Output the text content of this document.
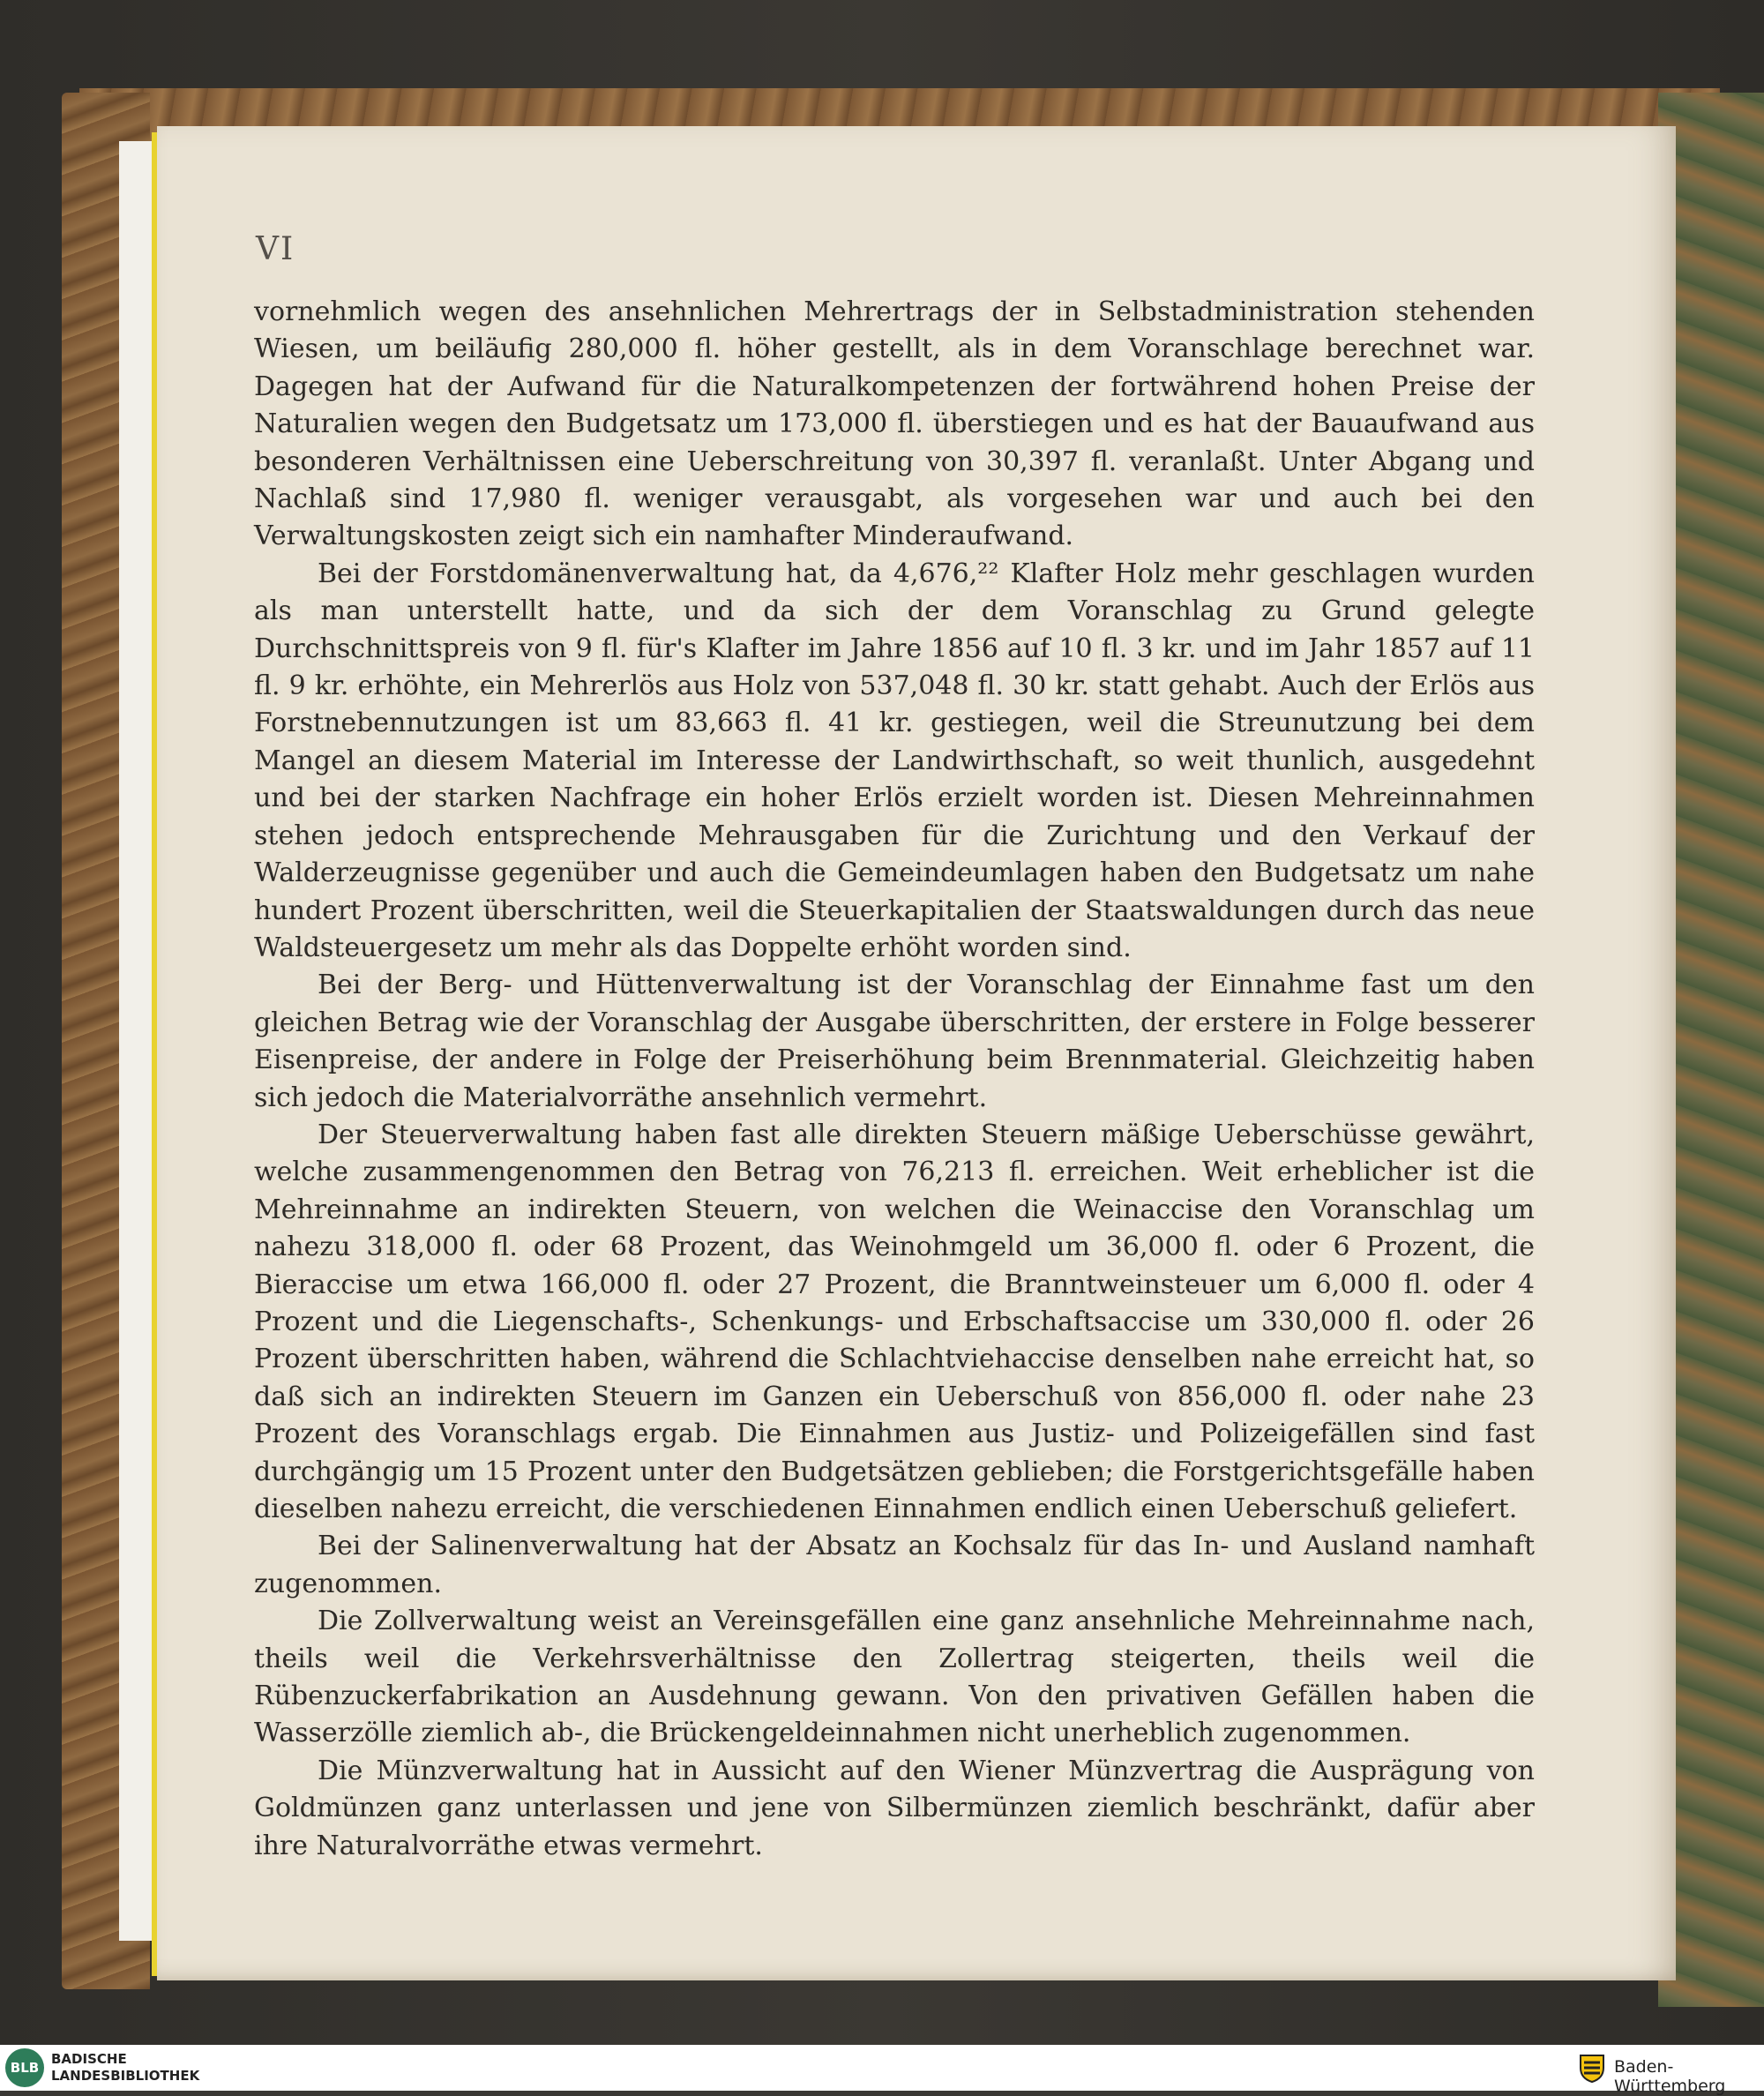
VI

vornehmlich wegen des ansehnlichen Mehrertrags der in Selbstadministration stehenden Wiesen, um beiläufig 280,000 fl. höher gestellt, als in dem Voranschlage berechnet war. Dagegen hat der Aufwand für die Naturalkompetenzen der fortwährend hohen Preise der Naturalien wegen den Budgetsatz um 173,000 fl. überstiegen und es hat der Bauaufwand aus besonderen Verhältnissen eine Ueberschreitung von 30,397 fl. veranlaßt. Unter Abgang und Nachlaß sind 17,980 fl. weniger verausgabt, als vorgesehen war und auch bei den Verwaltungskosten zeigt sich ein namhafter Minderaufwand.

Bei der Forstdomänenverwaltung hat, da 4,676,²² Klafter Holz mehr geschlagen wurden als man unterstellt hatte, und da sich der dem Voranschlag zu Grund gelegte Durchschnittspreis von 9 fl. für's Klafter im Jahre 1856 auf 10 fl. 3 kr. und im Jahr 1857 auf 11 fl. 9 kr. erhöhte, ein Mehrerlös aus Holz von 537,048 fl. 30 kr. statt gehabt. Auch der Erlös aus Forstnebennutzungen ist um 83,663 fl. 41 kr. gestiegen, weil die Streunutzung bei dem Mangel an diesem Material im Interesse der Landwirthschaft, so weit thunlich, ausgedehnt und bei der starken Nachfrage ein hoher Erlös erzielt worden ist. Diesen Mehreinnahmen stehen jedoch entsprechende Mehrausgaben für die Zurichtung und den Verkauf der Walderzeugnisse gegenüber und auch die Gemeindeumlagen haben den Budgetsatz um nahe hundert Prozent überschritten, weil die Steuerkapitalien der Staatswaldungen durch das neue Waldsteuergesetz um mehr als das Doppelte erhöht worden sind.

Bei der Berg- und Hüttenverwaltung ist der Voranschlag der Einnahme fast um den gleichen Betrag wie der Voranschlag der Ausgabe überschritten, der erstere in Folge besserer Eisenpreise, der andere in Folge der Preiserhöhung beim Brennmaterial. Gleichzeitig haben sich jedoch die Materialvorräthe ansehnlich vermehrt.

Der Steuerverwaltung haben fast alle direkten Steuern mäßige Ueberschüsse gewährt, welche zusammengenommen den Betrag von 76,213 fl. erreichen. Weit erheblicher ist die Mehreinnahme an indirekten Steuern, von welchen die Weinaccise den Voranschlag um nahezu 318,000 fl. oder 68 Prozent, das Weinohmgeld um 36,000 fl. oder 6 Prozent, die Bieraccise um etwa 166,000 fl. oder 27 Prozent, die Branntweinsteuer um 6,000 fl. oder 4 Prozent und die Liegenschafts-, Schenkungs- und Erbschaftsaccise um 330,000 fl. oder 26 Prozent überschritten haben, während die Schlachtviehaccise denselben nahe erreicht hat, so daß sich an indirekten Steuern im Ganzen ein Ueberschuß von 856,000 fl. oder nahe 23 Prozent des Voranschlags ergab. Die Einnahmen aus Justiz- und Polizeigefällen sind fast durchgängig um 15 Prozent unter den Budgetsätzen geblieben; die Forstgerichtsgefälle haben dieselben nahezu erreicht, die verschiedenen Einnahmen endlich einen Ueberschuß geliefert.

Bei der Salinenverwaltung hat der Absatz an Kochsalz für das In- und Ausland namhaft zugenommen.

Die Zollverwaltung weist an Vereinsgefällen eine ganz ansehnliche Mehreinnahme nach, theils weil die Verkehrsverhältnisse den Zollertrag steigerten, theils weil die Rübenzuckerfabrikation an Ausdehnung gewann. Von den privativen Gefällen haben die Wasserzölle ziemlich ab-, die Brückengeldeinnahmen nicht unerheblich zugenommen.

Die Münzverwaltung hat in Aussicht auf den Wiener Münzvertrag die Ausprägung von Goldmünzen ganz unterlassen und jene von Silbermünzen ziemlich beschränkt, dafür aber ihre Naturalvorräthe etwas vermehrt.

BLB
BADISCHE
LANDESBIBLIOTHEK	Baden-Württemberg
